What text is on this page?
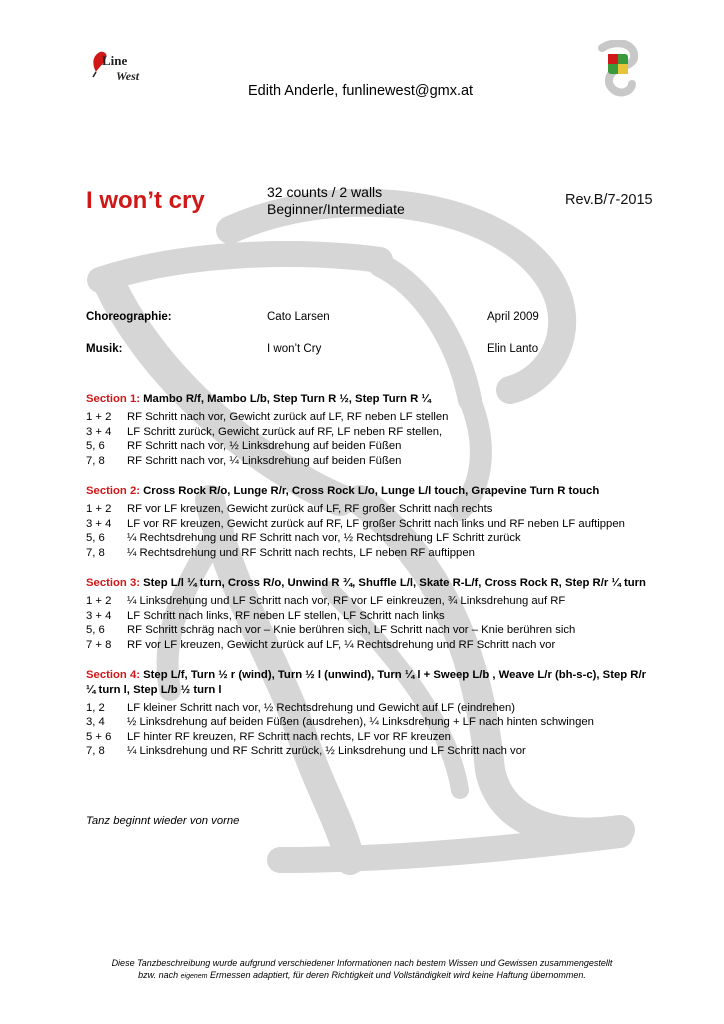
Line
West
Edith Anderle, funlinewest@gmx.at
I won’t cry	32 counts / 2 walls
Beginner/Intermediate
Rev.B/7-2015
Choreographie:	Cato Larsen	April 2009
Musik:	I won’t Cry	Elin Lanto
Section 1: Mambo R/f, Mambo L/b, Step Turn R ½, Step Turn R ¼
1 + 2	RF Schritt nach vor, Gewicht zurück auf LF, RF neben LF stellen
3 + 4	LF Schritt zurück, Gewicht zurück auf RF, LF neben RF stellen,
5, 6	RF Schritt nach vor, ½ Linksdrehung auf beiden Füßen
7, 8	RF Schritt nach vor, ¼ Linksdrehung auf beiden Füßen
Section 2: Cross Rock R/o, Lunge R/r, Cross Rock L/o, Lunge L/l touch, Grapevine Turn R touch
1 + 2	RF vor LF kreuzen, Gewicht zurück auf LF, RF großer Schritt nach rechts
3 + 4	LF vor RF kreuzen, Gewicht zurück auf RF, LF großer Schritt nach links und RF neben LF auftippen
5, 6	¼ Rechtsdrehung und RF Schritt nach vor, ½ Rechtsdrehung LF Schritt zurück
7, 8	¼ Rechtsdrehung und RF Schritt nach rechts, LF neben RF auftippen
Section 3: Step L/l ¼ turn, Cross R/o, Unwind R ¾, Shuffle L/l, Skate R-L/f, Cross Rock R, Step R/r ¼ turn
1 + 2	¼ Linksdrehung und LF Schritt nach vor, RF vor LF einkreuzen, ¾ Linksdrehung auf RF
3 + 4	LF Schritt nach links, RF neben LF stellen, LF Schritt nach links
5, 6	RF Schritt schräg nach vor – Knie berühren sich, LF Schritt nach vor – Knie berühren sich
7 + 8	RF vor LF kreuzen, Gewicht zurück auf LF, ¼ Rechtsdrehung und RF Schritt nach vor
Section 4: Step L/f, Turn ½ r (wind), Turn ½ l (unwind), Turn ¼ l + Sweep L/b , Weave L/r (bh-s-c), Step R/r ¼ turn l, Step L/b ½ turn l
1, 2	LF kleiner Schritt nach vor, ½ Rechtsdrehung und Gewicht auf LF (eindrehen)
3, 4	½ Linksdrehung auf beiden Füßen (ausdrehen), ¼ Linksdrehung + LF nach hinten schwingen
5 + 6	LF hinter RF kreuzen, RF Schritt nach rechts, LF vor RF kreuzen
7, 8	¼ Linksdrehung und RF Schritt zurück, ½ Linksdrehung und LF Schritt nach vor
Tanz beginnt wieder von vorne
Diese Tanzbeschreibung wurde aufgrund verschiedener Informationen nach bestem Wissen und Gewissen zusammengestellt
bzw. nach eigenem Ermessen adaptiert, für deren Richtigkeit und Vollständigkeit wird keine Haftung übernommen.
